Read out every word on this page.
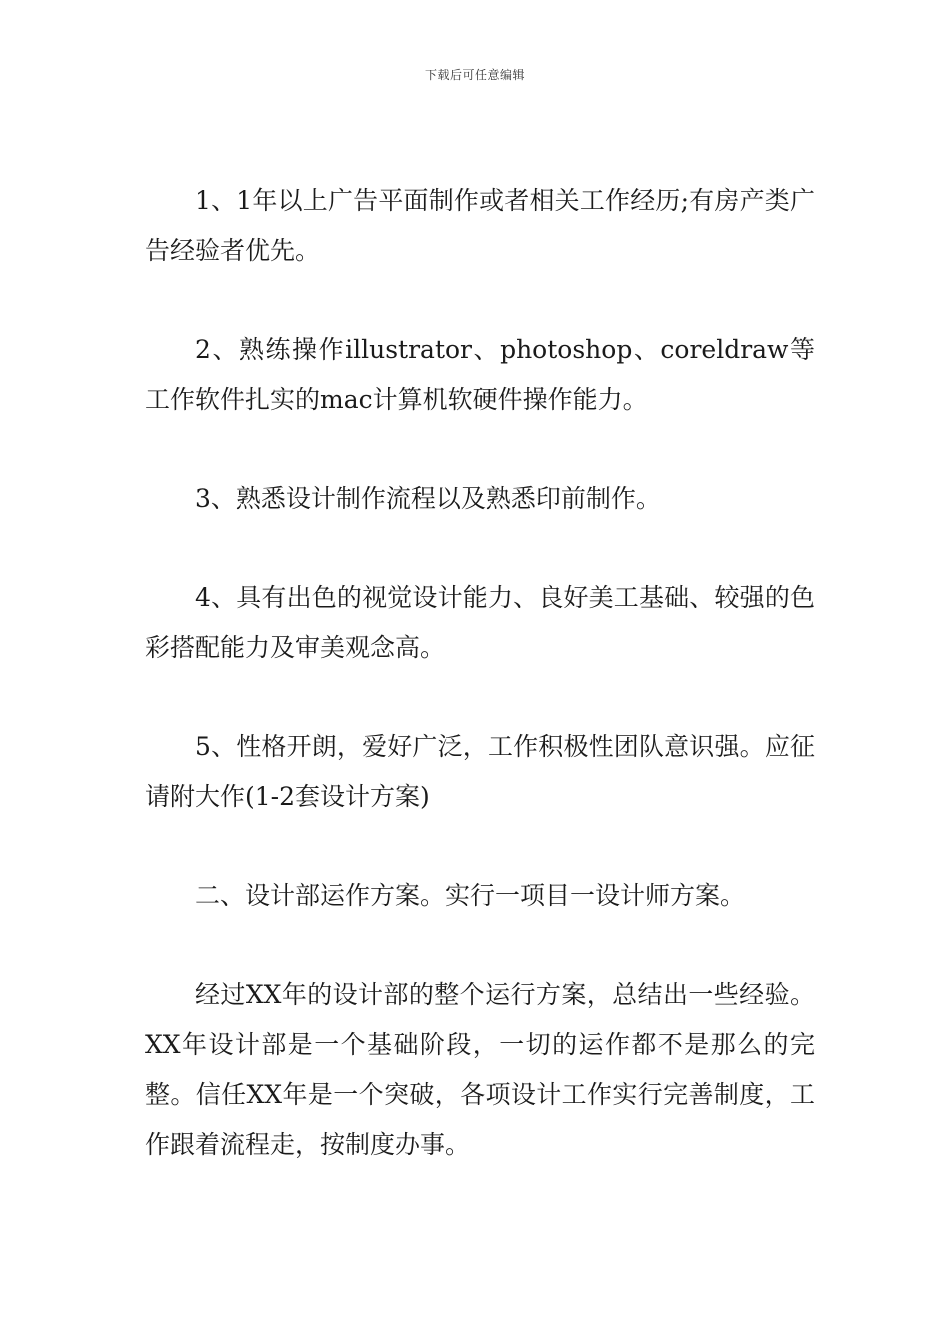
下载后可任意编辑

1、1年以上广告平面制作或者相关工作经历;有房产类广告经验者优先。

2、熟练操作illustrator、photoshop、coreldraw等工作软件扎实的mac计算机软硬件操作能力。

3、熟悉设计制作流程以及熟悉印前制作。

4、具有出色的视觉设计能力、良好美工基础、较强的色彩搭配能力及审美观念高。

5、性格开朗，爱好广泛，工作积极性团队意识强。应征请附大作(1-2套设计方案)

二、设计部运作方案。实行一项目一设计师方案。

经过XX年的设计部的整个运行方案，总结出一些经验。XX年设计部是一个基础阶段，一切的运作都不是那么的完整。信任XX年是一个突破，各项设计工作实行完善制度，工作跟着流程走，按制度办事。
